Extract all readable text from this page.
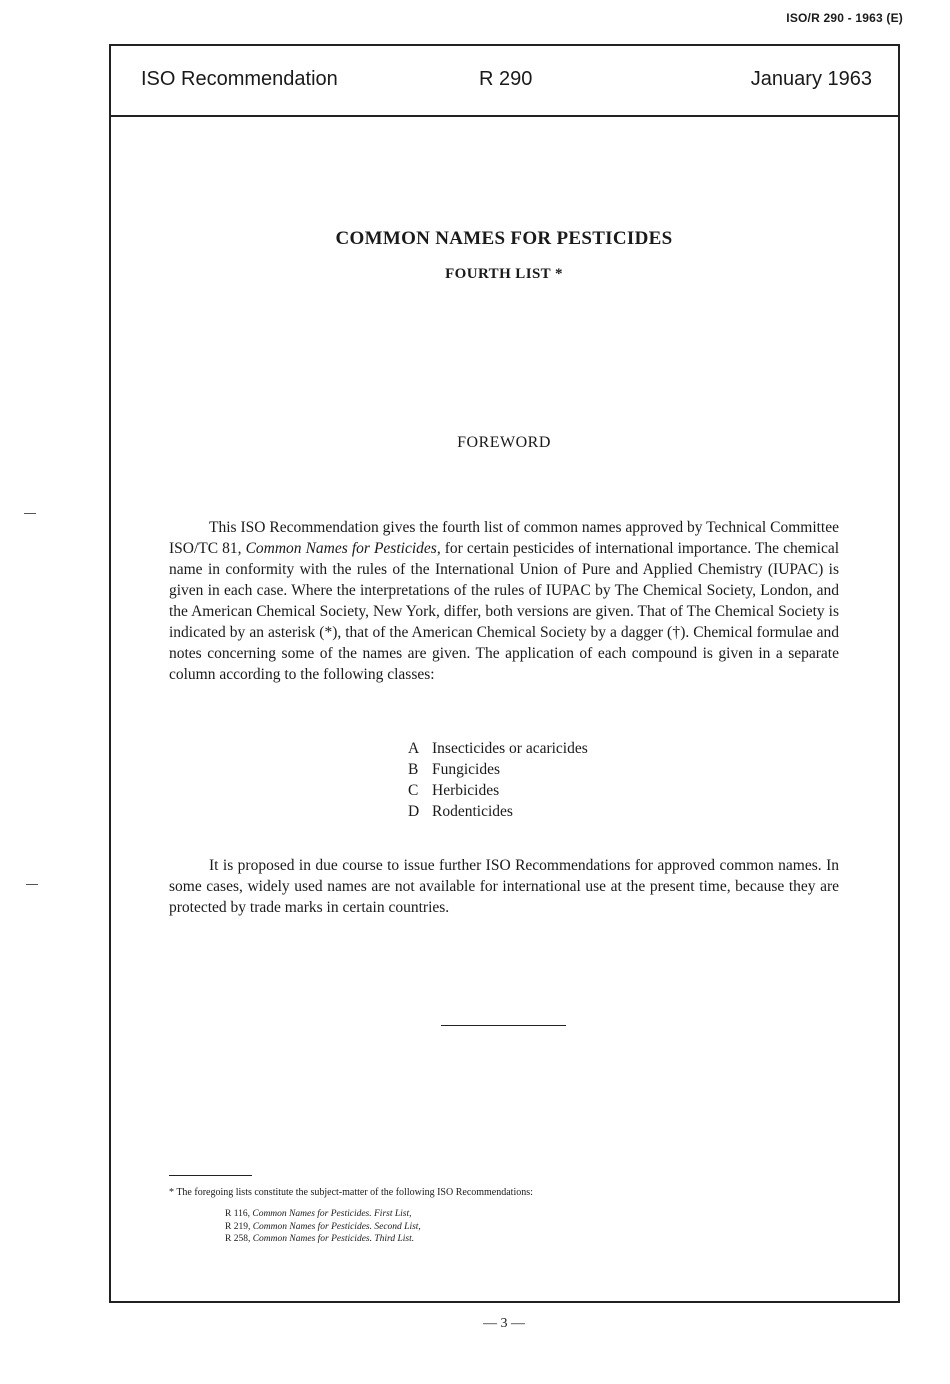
ISO/R 290 - 1963 (E)
ISO Recommendation	R 290	January 1963
COMMON NAMES FOR PESTICIDES
FOURTH LIST *
FOREWORD

This ISO Recommendation gives the fourth list of common names approved by Technical Committee ISO/TC 81, Common Names for Pesticides, for certain pesticides of international importance. The chemical name in conformity with the rules of the International Union of Pure and Applied Chemistry (IUPAC) is given in each case. Where the interpretations of the rules of IUPAC by The Chemical Society, London, and the American Chemical Society, New York, differ, both versions are given. That of The Chemical Society is indicated by an asterisk (*), that of the American Chemical Society by a dagger (†). Chemical formulae and notes concerning some of the names are given. The application of each compound is given in a separate column according to the following classes:

A Insecticides or acaricides
B Fungicides
C Herbicides
D Rodenticides

It is proposed in due course to issue further ISO Recommendations for approved common names. In some cases, widely used names are not available for international use at the present time, because they are protected by trade marks in certain countries.

* The foregoing lists constitute the subject-matter of the following ISO Recommendations:
R 116, Common Names for Pesticides. First List,
R 219, Common Names for Pesticides. Second List,
R 258, Common Names for Pesticides. Third List.
— 3 —
